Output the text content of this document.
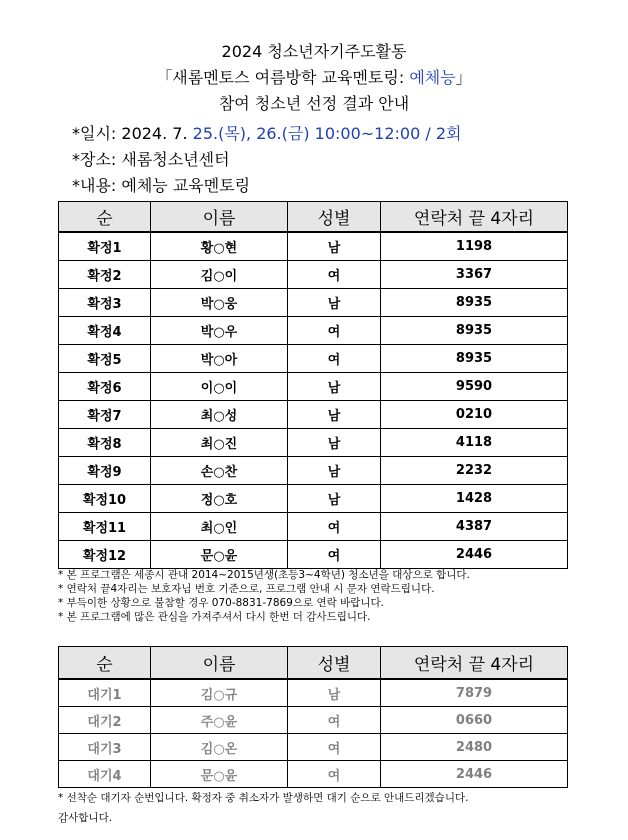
2024 청소년자기주도활동
「새롬멘토스 여름방학 교육멘토링: 예체능」
참여 청소년 선정 결과 안내
*일시: 2024. 7. 25.(목), 26.(금) 10:00~12:00 / 2회
*장소: 새롬청소년센터
*내용: 예체능 교육멘토링
순	이름	성별	연락처 끝 4자리
확정1	황○현	남	1198
확정2	김○이	여	3367
확정3	박○웅	남	8935
확정4	박○우	여	8935
확정5	박○아	여	8935
확정6	이○이	남	9590
확정7	최○성	남	0210
확정8	최○진	남	4118
확정9	손○찬	남	2232
확정10	정○호	남	1428
확정11	최○인	여	4387
확정12	문○윤	여	2446
* 본 프로그램은 세종시 관내 2014~2015년생(초등3~4학년) 청소년을 대상으로 합니다.
* 연락처 끝4자리는 보호자님 번호 기준으로, 프로그램 안내 시 문자 연락드립니다.
* 부득이한 상황으로 불참할 경우 070-8831-7869으로 연락 바랍니다.
* 본 프로그램에 많은 관심을 가져주셔서 다시 한번 더 감사드립니다.
순	이름	성별	연락처 끝 4자리
대기1	김○규	남	7879
대기2	주○윤	여	0660
대기3	김○온	여	2480
대기4	문○윤	여	2446
* 선착순 대기자 순번입니다. 확정자 중 취소자가 발생하면 대기 순으로 안내드리겠습니다.
감사합니다.
